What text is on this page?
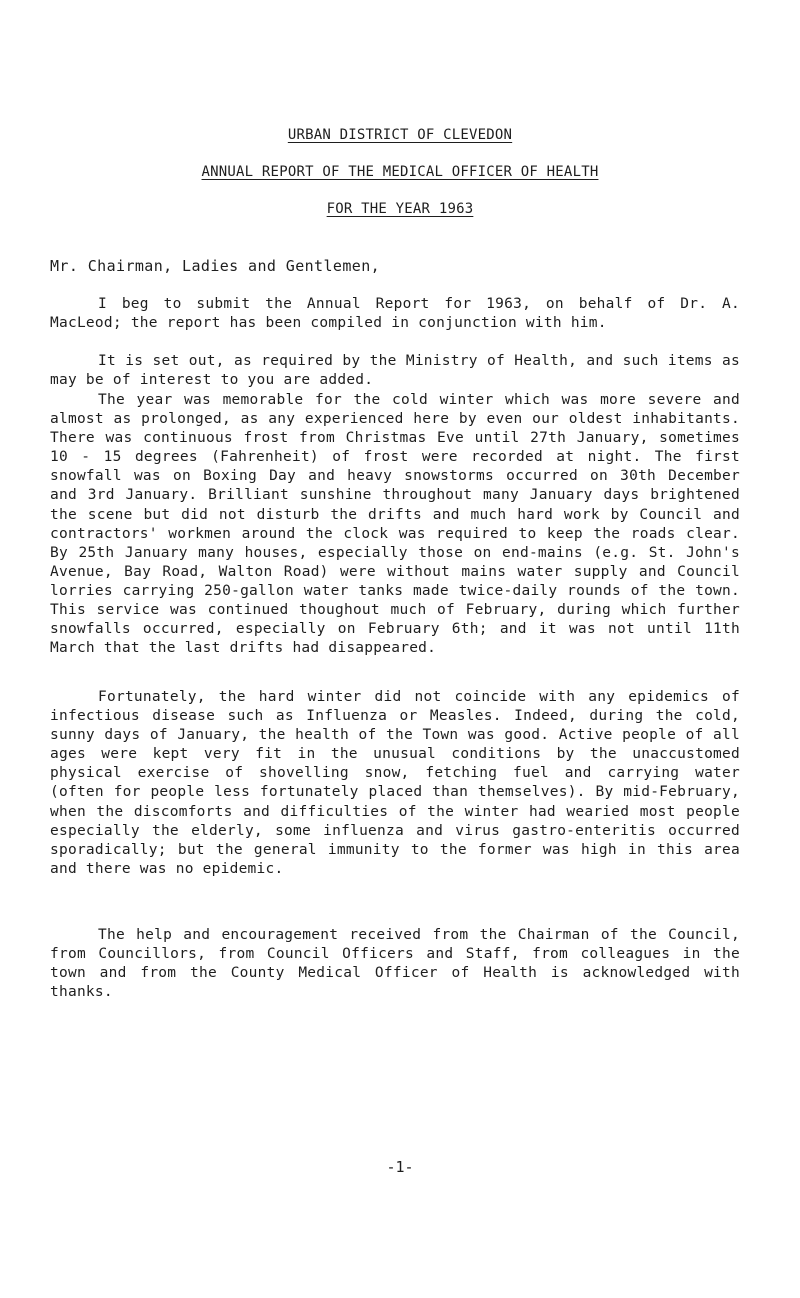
URBAN DISTRICT OF CLEVEDON
ANNUAL REPORT OF THE MEDICAL OFFICER OF HEALTH
FOR THE YEAR 1963
Mr. Chairman, Ladies and Gentlemen,

I beg to submit the Annual Report for 1963, on behalf of Dr. A. MacLeod; the report has been compiled in conjunction with him.

It is set out, as required by the Ministry of Health, and such items as may be of interest to you are added.

The year was memorable for the cold winter which was more severe and almost as prolonged, as any experienced here by even our oldest inhabitants. There was continuous frost from Christmas Eve until 27th January, sometimes 10 - 15 degrees (Fahrenheit) of frost were recorded at night. The first snowfall was on Boxing Day and heavy snowstorms occurred on 30th December and 3rd January. Brilliant sunshine throughout many January days brightened the scene but did not disturb the drifts and much hard work by Council and contractors' workmen around the clock was required to keep the roads clear. By 25th January many houses, especially those on end-mains (e.g. St. John's Avenue, Bay Road, Walton Road) were without mains water supply and Council lorries carrying 250-gallon water tanks made twice-daily rounds of the town. This service was continued thoughout much of February, during which further snowfalls occurred, especially on February 6th; and it was not until 11th March that the last drifts had disappeared.

Fortunately, the hard winter did not coincide with any epidemics of infectious disease such as Influenza or Measles. Indeed, during the cold, sunny days of January, the health of the Town was good. Active people of all ages were kept very fit in the unusual conditions by the unaccustomed physical exercise of shovelling snow, fetching fuel and carrying water (often for people less fortunately placed than themselves). By mid-February, when the discomforts and difficulties of the winter had wearied most people especially the elderly, some influenza and virus gastro-enteritis occurred sporadically; but the general immunity to the former was high in this area and there was no epidemic.

The help and encouragement received from the Chairman of the Council, from Councillors, from Council Officers and Staff, from colleagues in the town and from the County Medical Officer of Health is acknowledged with thanks.

-1-
